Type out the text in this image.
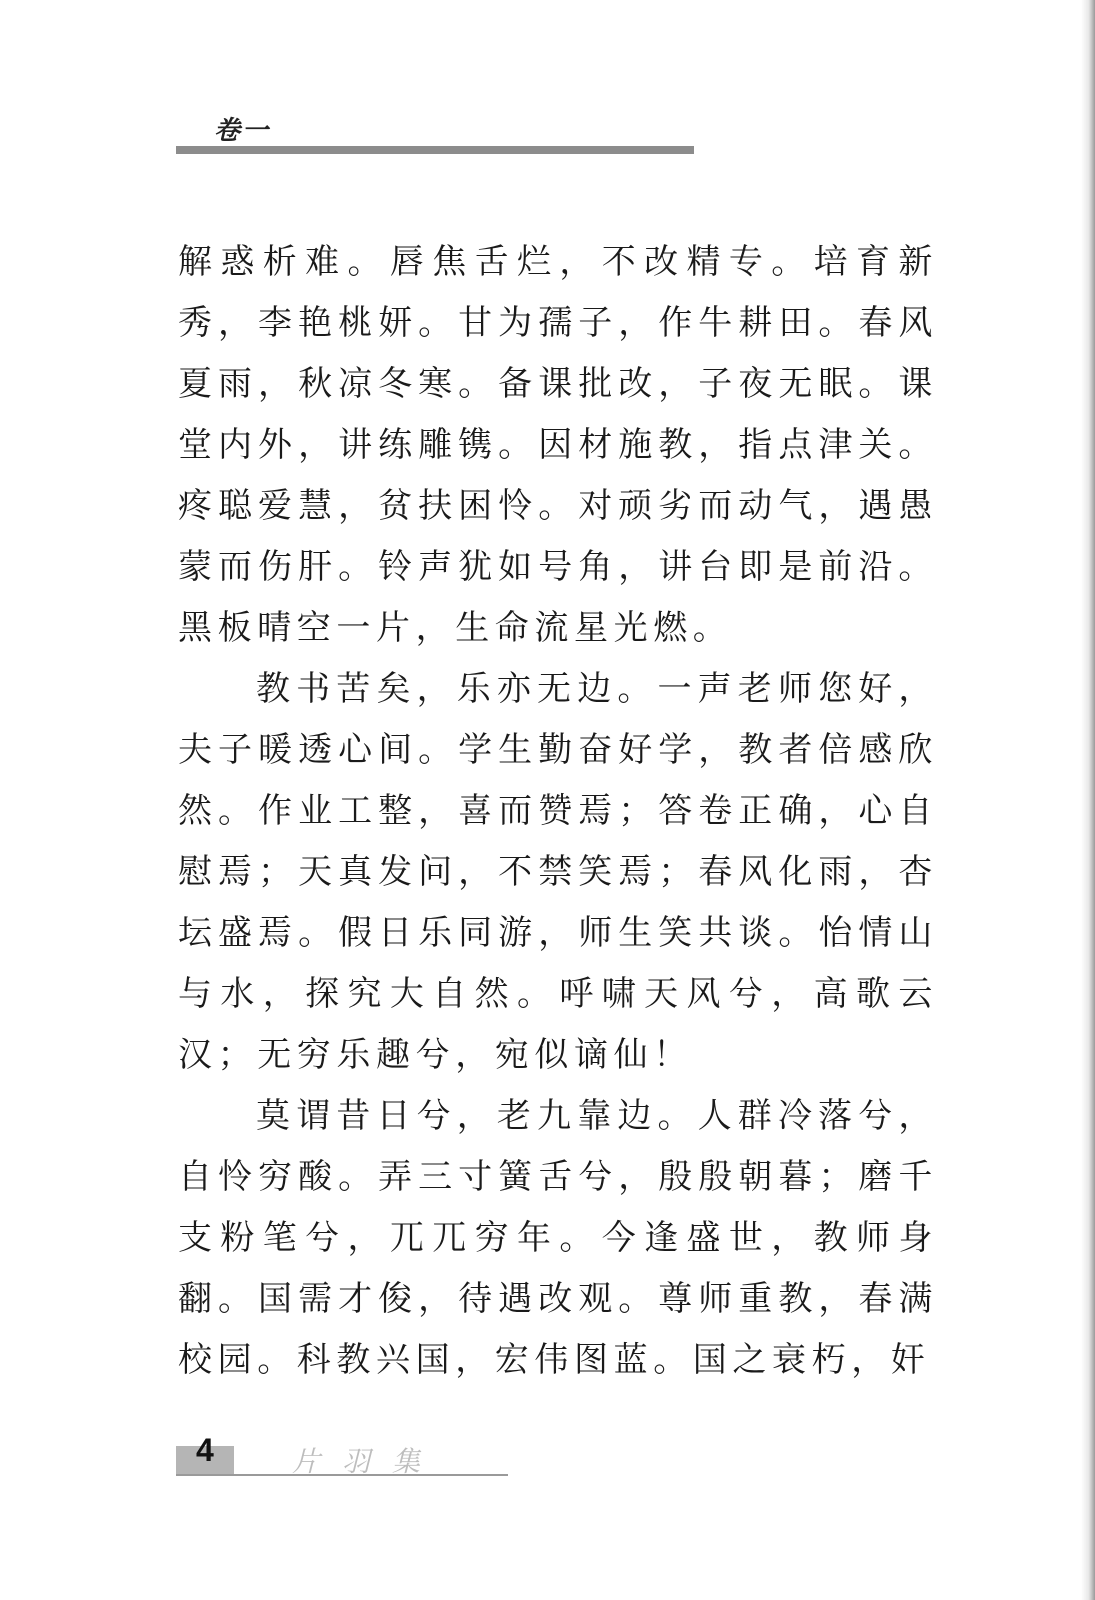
卷一

解惑析难。唇焦舌烂，不改精专。培育新秀，李艳桃妍。甘为孺子，作牛耕田。春风夏雨，秋凉冬寒。备课批改，子夜无眠。课堂内外，讲练雕镌。因材施教，指点津关。疼聪爱慧，贫扶困怜。对顽劣而动气，遇愚蒙而伤肝。铃声犹如号角，讲台即是前沿。黑板晴空一片，生命流星光燃。

教书苦矣，乐亦无边。一声老师您好，夫子暖透心间。学生勤奋好学，教者倍感欣然。作业工整，喜而赞焉；答卷正确，心自慰焉；天真发问，不禁笑焉；春风化雨，杏坛盛焉。假日乐同游，师生笑共谈。怡情山与水，探究大自然。呼啸天风兮，高歌云汉；无穷乐趣兮，宛似谪仙！

莫谓昔日兮，老九靠边。人群冷落兮，自怜穷酸。弄三寸簧舌兮，殷殷朝暮；磨千支粉笔兮，兀兀穷年。今逢盛世，教师身翻。国需才俊，待遇改观。尊师重教，春满校园。科教兴国，宏伟图蓝。国之衰朽，奸

4	片羽集
